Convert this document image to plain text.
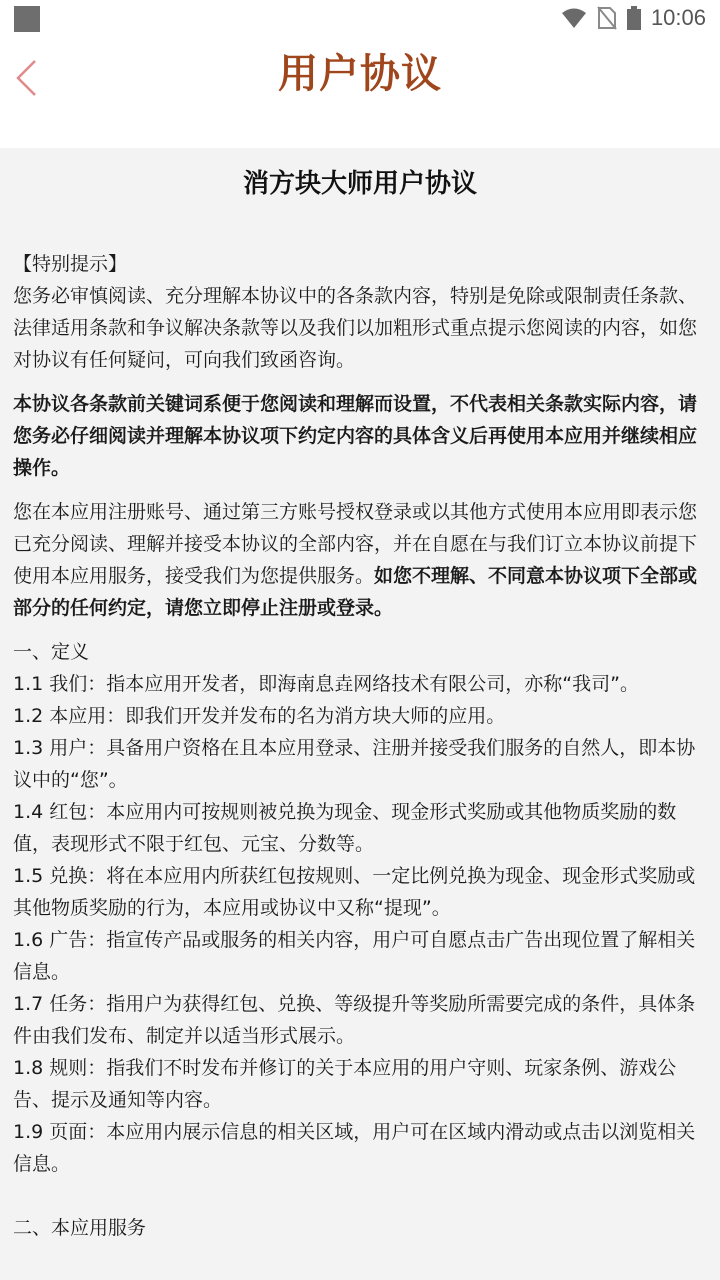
10:06
用户协议
消方块大师用户协议

【特别提示】

您务必审慎阅读、充分理解本协议中的各条款内容，特别是免除或限制责任条款、法律适用条款和争议解决条款等以及我们以加粗形式重点提示您阅读的内容，如您对协议有任何疑问，可向我们致函咨询。

本协议各条款前关键词系便于您阅读和理解而设置，不代表相关条款实际内容，请您务必仔细阅读并理解本协议项下约定内容的具体含义后再使用本应用并继续相应操作。

您在本应用注册账号、通过第三方账号授权登录或以其他方式使用本应用即表示您已充分阅读、理解并接受本协议的全部内容，并在自愿在与我们订立本协议前提下使用本应用服务，接受我们为您提供服务。如您不理解、不同意本协议项下全部或部分的任何约定，请您立即停止注册或登录。

一、定义

1.1 我们：指本应用开发者，即海南息垚网络技术有限公司，亦称“我司”。

1.2 本应用：即我们开发并发布的名为消方块大师的应用。

1.3 用户：具备用户资格在且本应用登录、注册并接受我们服务的自然人，即本协议中的“您”。

1.4 红包：本应用内可按规则被兑换为现金、现金形式奖励或其他物质奖励的数值，表现形式不限于红包、元宝、分数等。

1.5 兑换：将在本应用内所获红包按规则、一定比例兑换为现金、现金形式奖励或其他物质奖励的行为，本应用或协议中又称“提现”。

1.6 广告：指宣传产品或服务的相关内容，用户可自愿点击广告出现位置了解相关信息。

1.7 任务：指用户为获得红包、兑换、等级提升等奖励所需要完成的条件，具体条件由我们发布、制定并以适当形式展示。

1.8 规则：指我们不时发布并修订的关于本应用的用户守则、玩家条例、游戏公告、提示及通知等内容。

1.9 页面：本应用内展示信息的相关区域，用户可在区域内滑动或点击以浏览相关信息。

二、本应用服务
